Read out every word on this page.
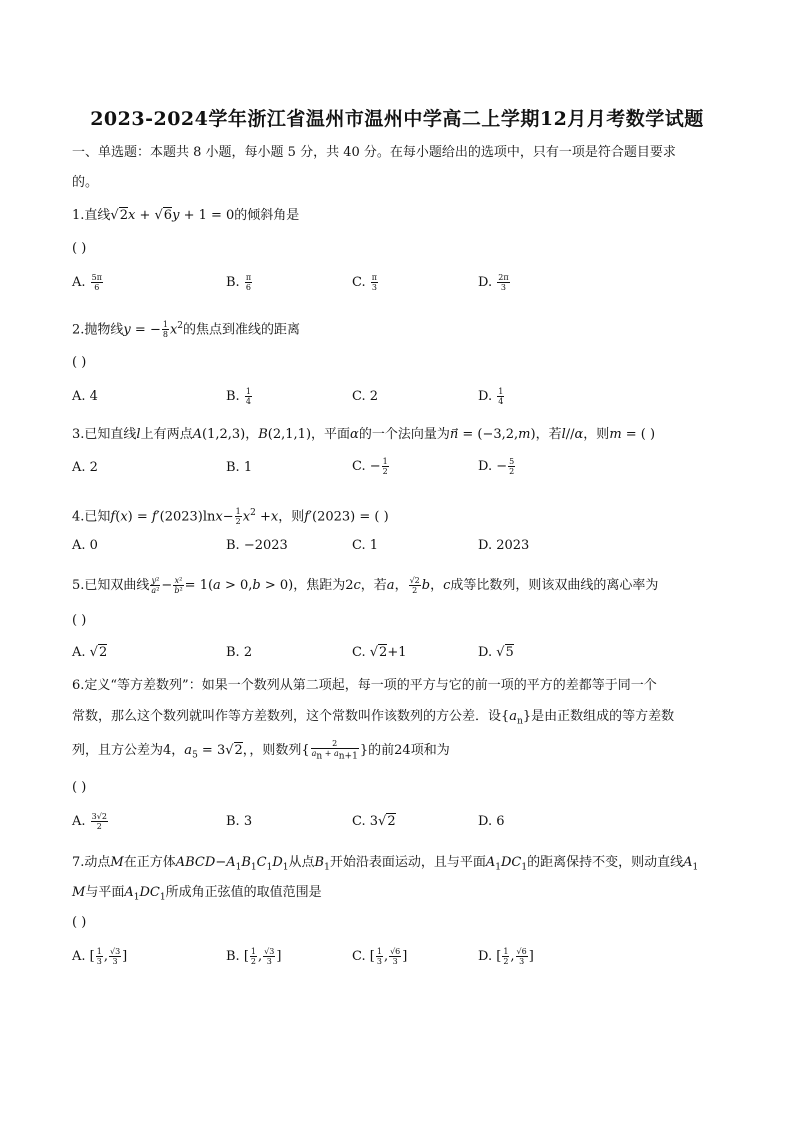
2023-2024学年浙江省温州市温州中学高二上学期12月月考数学试题
一、单选题：本题共 8 小题，每小题 5 分，共 40 分。在每小题给出的选项中，只有一项是符合题目要求
的。
1.直线√2x + √6y + 1 = 0的倾斜角是
( )
A. $\frac{5\pi}{6}$	B. $\frac{\pi}{6}$	C. $\frac{\pi}{3}$	D. $\frac{2\pi}{3}$
2.抛物线y = − $\frac{1}{8} x^2$的焦点到准线的距离
( )
A. 4	B. $\frac{1}{4}$	C. 2	D. $\frac{1}{4}$
3.已知直线l上有两点A(1,2,3)，B(2,1,1)，平面α的一个法向量为n⃗ = (−3,2,m)，若l//α，则m = ( )
A. 2	B. 1	C. − $\frac{1}{2}$	D. − $\frac{5}{2}$
4.已知$f(x) = f'(2023)\ln x- \frac{1}{2} x^2 +x$，则f′(2023) = ( )
A. 0	B. −2023	C. 1	D. 2023
5.已知双曲线 $\frac{\text{y²}}{\text{a²}} - \frac{\text{x²}}{\text{b²}} = 1(a > 0,b > 0)$，焦距为2c，若a， $\frac{√2}{2}$ b，c成等比数列，则该双曲线的离心率为
( )
A. √2	B. 2	C. √2+1	D. √5
6.定义“等方差数列”：如果一个数列从第二项起，每一项的平方与它的前一项的平方的差都等于同一个
常数，那么这个数列就叫作等方差数列，这个常数叫作该数列的方公差．设$\{a_n\}$是由正数组成的等方差数
列，且方公差为4，$a_5 = 3√2$，，则数列{ $\frac{2}{a_n + a_{n+1}}$ }的前24项和为
( )
A. $\frac{3√2}{2}$	B. 3	C. 3√2	D. 6
7.动点M在正方体$ABCD-A_1B_1C_1D_1$从点$B_1$开始沿表面运动，且与平面$A_1DC_1$的距离保持不变，则动直线$A_1$
M与平面$A_1DC_1$所成角正弦值的取值范围是
( )
A. [ $\frac{1}{3}$ , $\frac{√3}{3}$ ]	B. [ $\frac{1}{2}$ , $\frac{√3}{3}$ ]	C. [ $\frac{1}{3}$ , $\frac{√6}{3}$ ]	D. [ $\frac{1}{2}$ , $\frac{√6}{3}$ ]
